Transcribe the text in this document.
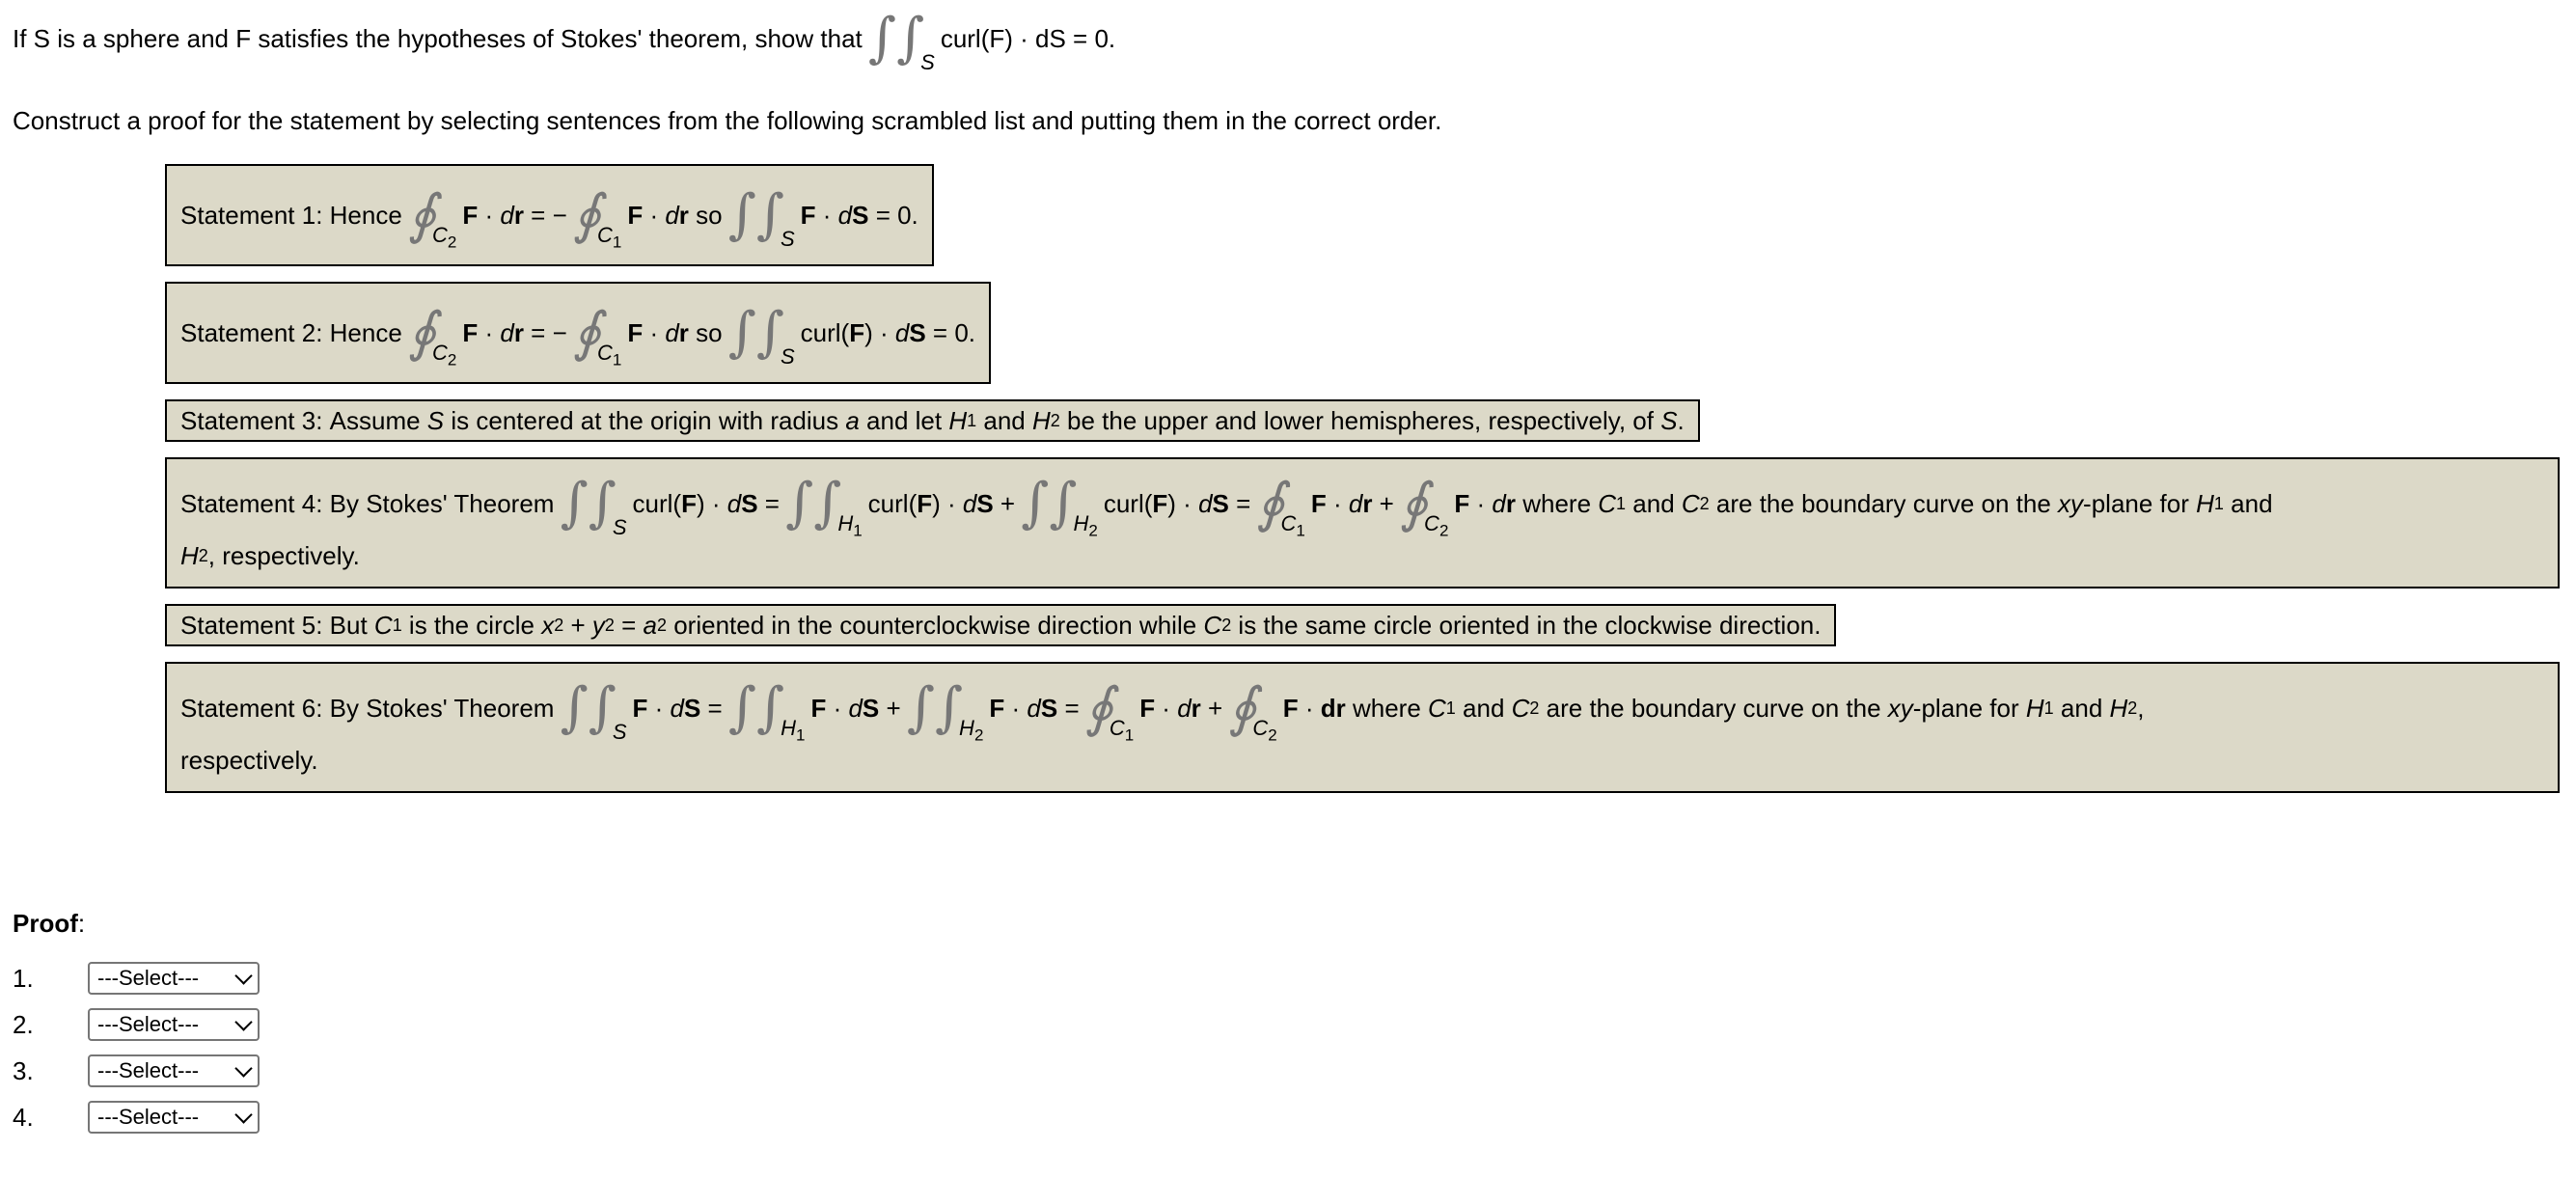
If S is a sphere and F satisfies the hypotheses of Stokes' theorem, show that ∫∫
S
curl(F) · dS = 0.
Construct a proof for the statement by selecting sentences from the following scrambled list and putting them in the correct order.
Statement 1: Hence ∮
$C_2$
F · d r = − ∮
$C_1$
F · d r so ∫∫
S
F · d S = 0.

Statement 2: Hence ∮
$C_2$
F · d r = − ∮
$C_1$
F · d r so ∫∫
S
curl( F ) · d S = 0.

Statement 3: Assume S is centered at the origin with radius a and let H 1 and H 2 be the upper and lower hemispheres, respectively, of S .

Statement 4: By Stokes' Theorem ∫∫
S
curl( F ) · d S = ∫∫
$H_1$
curl( F ) · d S + ∫∫
$H_2$
curl( F ) · d S = ∮
$C_1$
F · d r + ∮
$C_2$
F · d r where C 1 and C 2 are the boundary curve on the xy -plane for H 1 and
H 2 , respectively.
Statement 5: But C 1 is the circle x 2 + y 2 = a 2 oriented in the counterclockwise direction while C 2 is the same circle oriented in the clockwise direction.

Statement 6: By Stokes' Theorem ∫∫
S
F · d S = ∫∫
$H_1$
F · d S + ∫∫
$H_2$
F · d S = ∮
$C_1$
F · d r + ∮
$C_2$
F · dr where C 1 and C 2 are the boundary curve on the xy -plane for H 1 and H 2 ,
respectively.
Proof:
1.	---Select---
2.	---Select---
3.	---Select---
4.	---Select---
